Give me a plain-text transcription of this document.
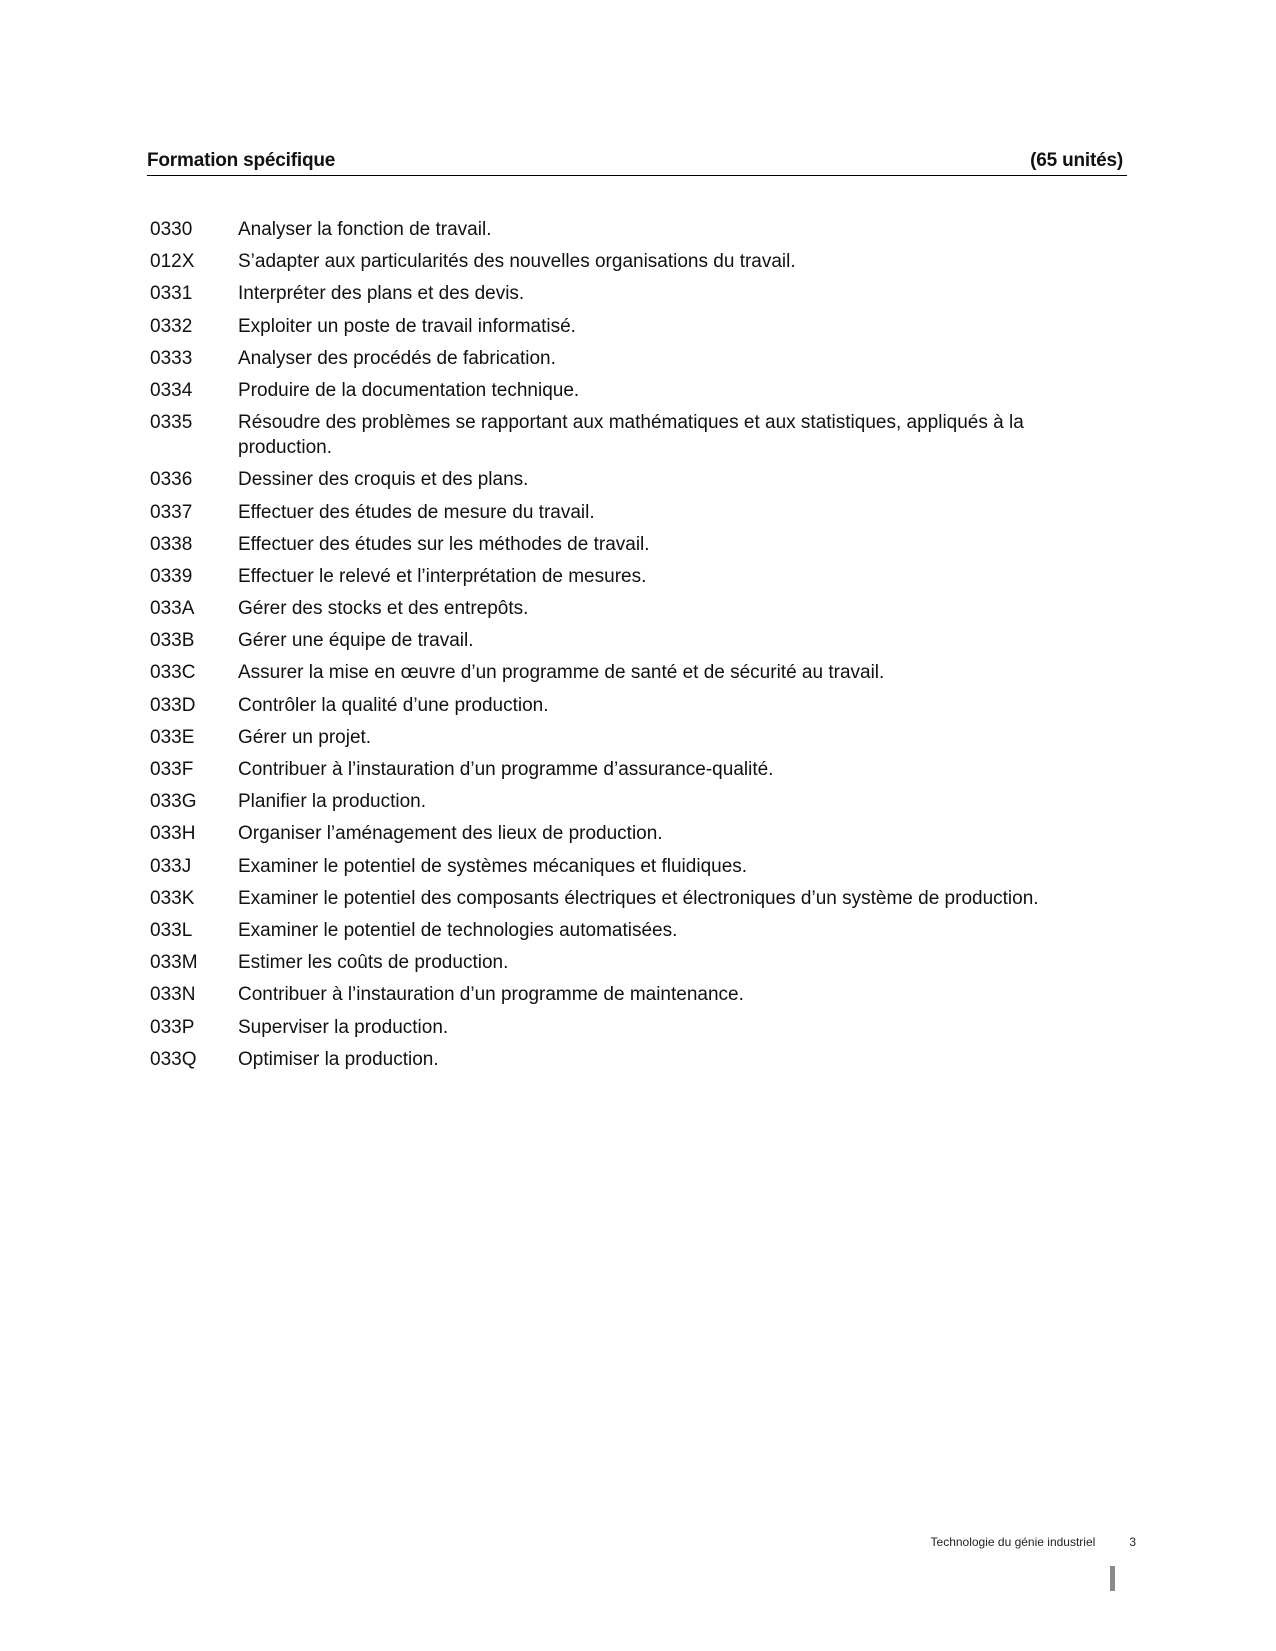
Formation spécifique	(65 unités)
0330	Analyser la fonction de travail.
012X	S’adapter aux particularités des nouvelles organisations du travail.
0331	Interpréter des plans et des devis.
0332	Exploiter un poste de travail informatisé.
0333	Analyser des procédés de fabrication.
0334	Produire de la documentation technique.
0335	Résoudre des problèmes se rapportant aux mathématiques et aux statistiques, appliqués à la production.
0336	Dessiner des croquis et des plans.
0337	Effectuer des études de mesure du travail.
0338	Effectuer des études sur les méthodes de travail.
0339	Effectuer le relevé et l’interprétation de mesures.
033A	Gérer des stocks et des entrepôts.
033B	Gérer une équipe de travail.
033C	Assurer la mise en œuvre d’un programme de santé et de sécurité au travail.
033D	Contrôler la qualité d’une production.
033E	Gérer un projet.
033F	Contribuer à l’instauration d’un programme d’assurance-qualité.
033G	Planifier la production.
033H	Organiser l’aménagement des lieux de production.
033J	Examiner le potentiel de systèmes mécaniques et fluidiques.
033K	Examiner le potentiel des composants électriques et électroniques d’un système de production.
033L	Examiner le potentiel de technologies automatisées.
033M	Estimer les coûts de production.
033N	Contribuer à l’instauration d’un programme de maintenance.
033P	Superviser la production.
033Q	Optimiser la production.
Technologie du génie industriel	3
